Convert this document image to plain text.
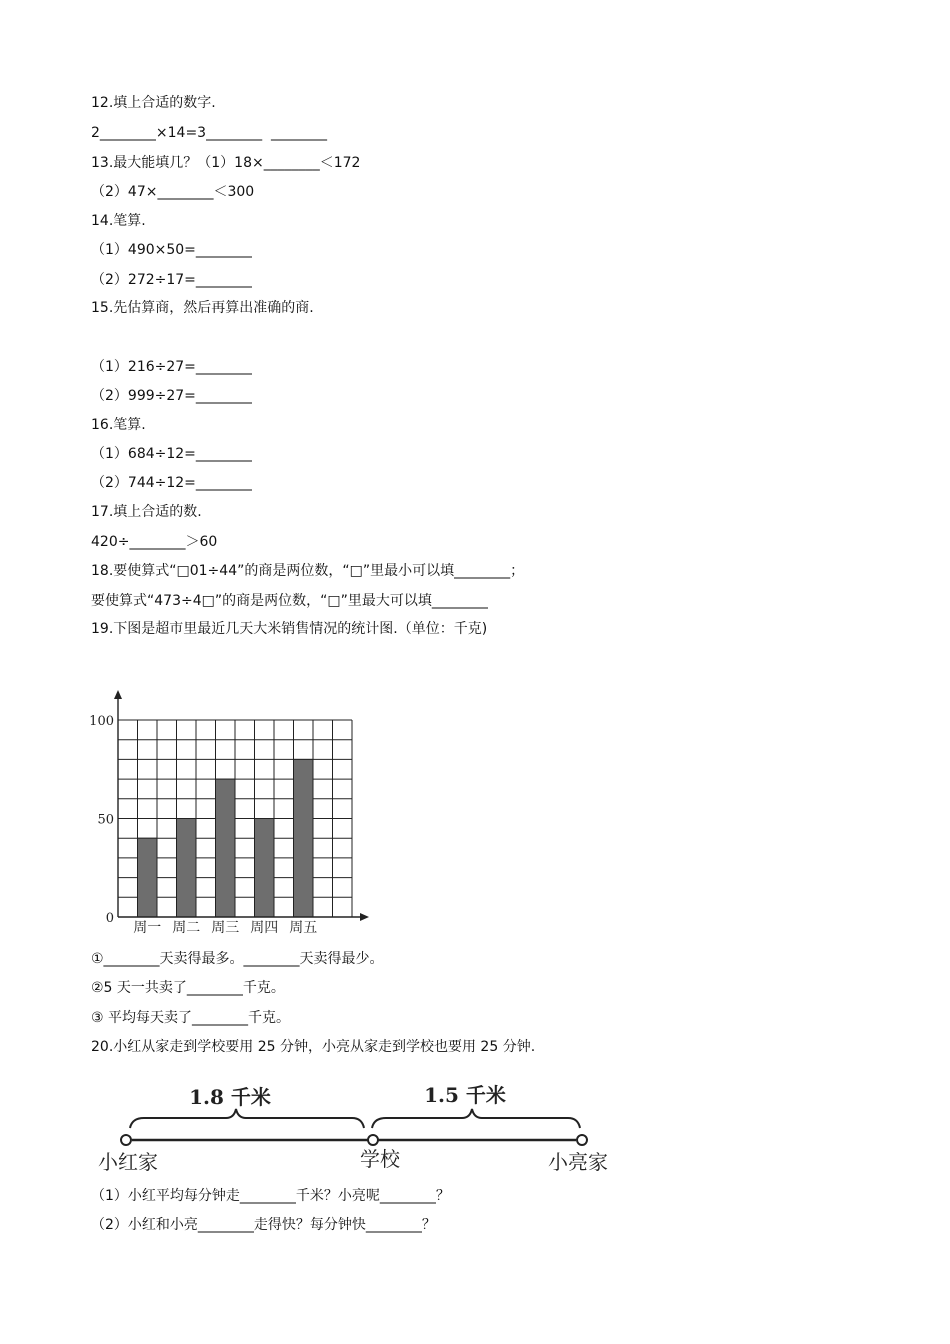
12.填上合适的数字.
2________×14=3________  ________
13.最大能填几？（1）18×________＜172
（2）47×________＜300
14.笔算.
（1）490×50=________
（2）272÷17=________
15.先估算商，然后再算出准确的商.
（1）216÷27=________
（2）999÷27=________
16.笔算.
（1）684÷12=________
（2）744÷12=________
17.填上合适的数.
420÷________＞60
18.要使算式“□01÷44”的商是两位数，“□”里最小可以填________；
要使算式“473÷4□”的商是两位数，“□”里最大可以填________
19.下图是超市里最近几天大米销售情况的统计图.（单位：千克)
0
50
100
周一 周二 周三 周四 周五
①________天卖得最多。________天卖得最少。
②5 天一共卖了________千克。
③ 平均每天卖了________千克。
20.小红从家走到学校要用 25 分钟，小亮从家走到学校也要用 25 分钟.
1.8 千米	1.5 千米
小红家	学校	小亮家
（1）小红平均每分钟走________千米？小亮呢________？
（2）小红和小亮________走得快？每分钟快________？
